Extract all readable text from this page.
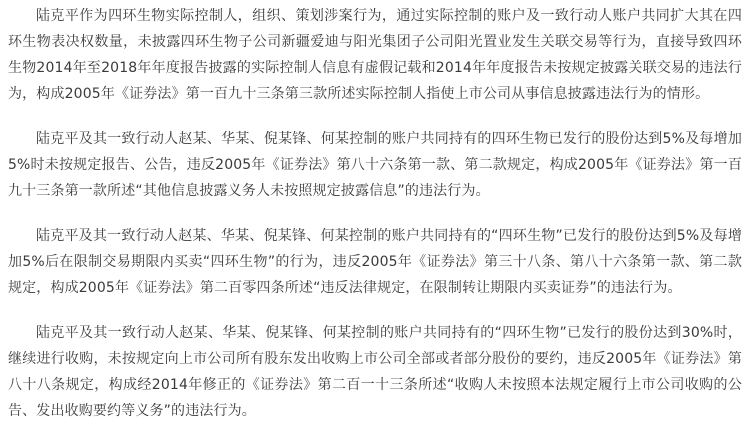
陆克平作为四环生物实际控制人，组织、策划涉案行为，通过实际控制的账户及一致行动人账户共同扩大其在四环生物表决权数量，未披露四环生物子公司新疆爱迪与阳光集团子公司阳光置业发生关联交易等行为，直接导致四环生物2014年至2018年年度报告披露的实际控制人信息有虚假记载和2014年年度报告未按规定披露关联交易的违法行为，构成2005年《证券法》第一百九十三条第三款所述实际控制人指使上市公司从事信息披露违法行为的情形。

陆克平及其一致行动人赵某、华某、倪某锋、何某控制的账户共同持有的四环生物已发行的股份达到5%及每增加5%时未按规定报告、公告，违反2005年《证券法》第八十六条第一款、第二款规定，构成2005年《证券法》第一百九十三条第一款所述“其他信息披露义务人未按照规定披露信息”的违法行为。

陆克平及其一致行动人赵某、华某、倪某锋、何某控制的账户共同持有的“四环生物”已发行的股份达到5%及每增加5%后在限制交易期限内买卖“四环生物”的行为，违反2005年《证券法》第三十八条、第八十六条第一款、第二款规定，构成2005年《证券法》第二百零四条所述“违反法律规定，在限制转让期限内买卖证券”的违法行为。

陆克平及其一致行动人赵某、华某、倪某锋、何某控制的账户共同持有的“四环生物”已发行的股份达到30%时，继续进行收购，未按规定向上市公司所有股东发出收购上市公司全部或者部分股份的要约，违反2005年《证券法》第八十八条规定，构成经2014年修正的《证券法》第二百一十三条所述“收购人未按照本法规定履行上市公司收购的公告、发出收购要约等义务”的违法行为。
